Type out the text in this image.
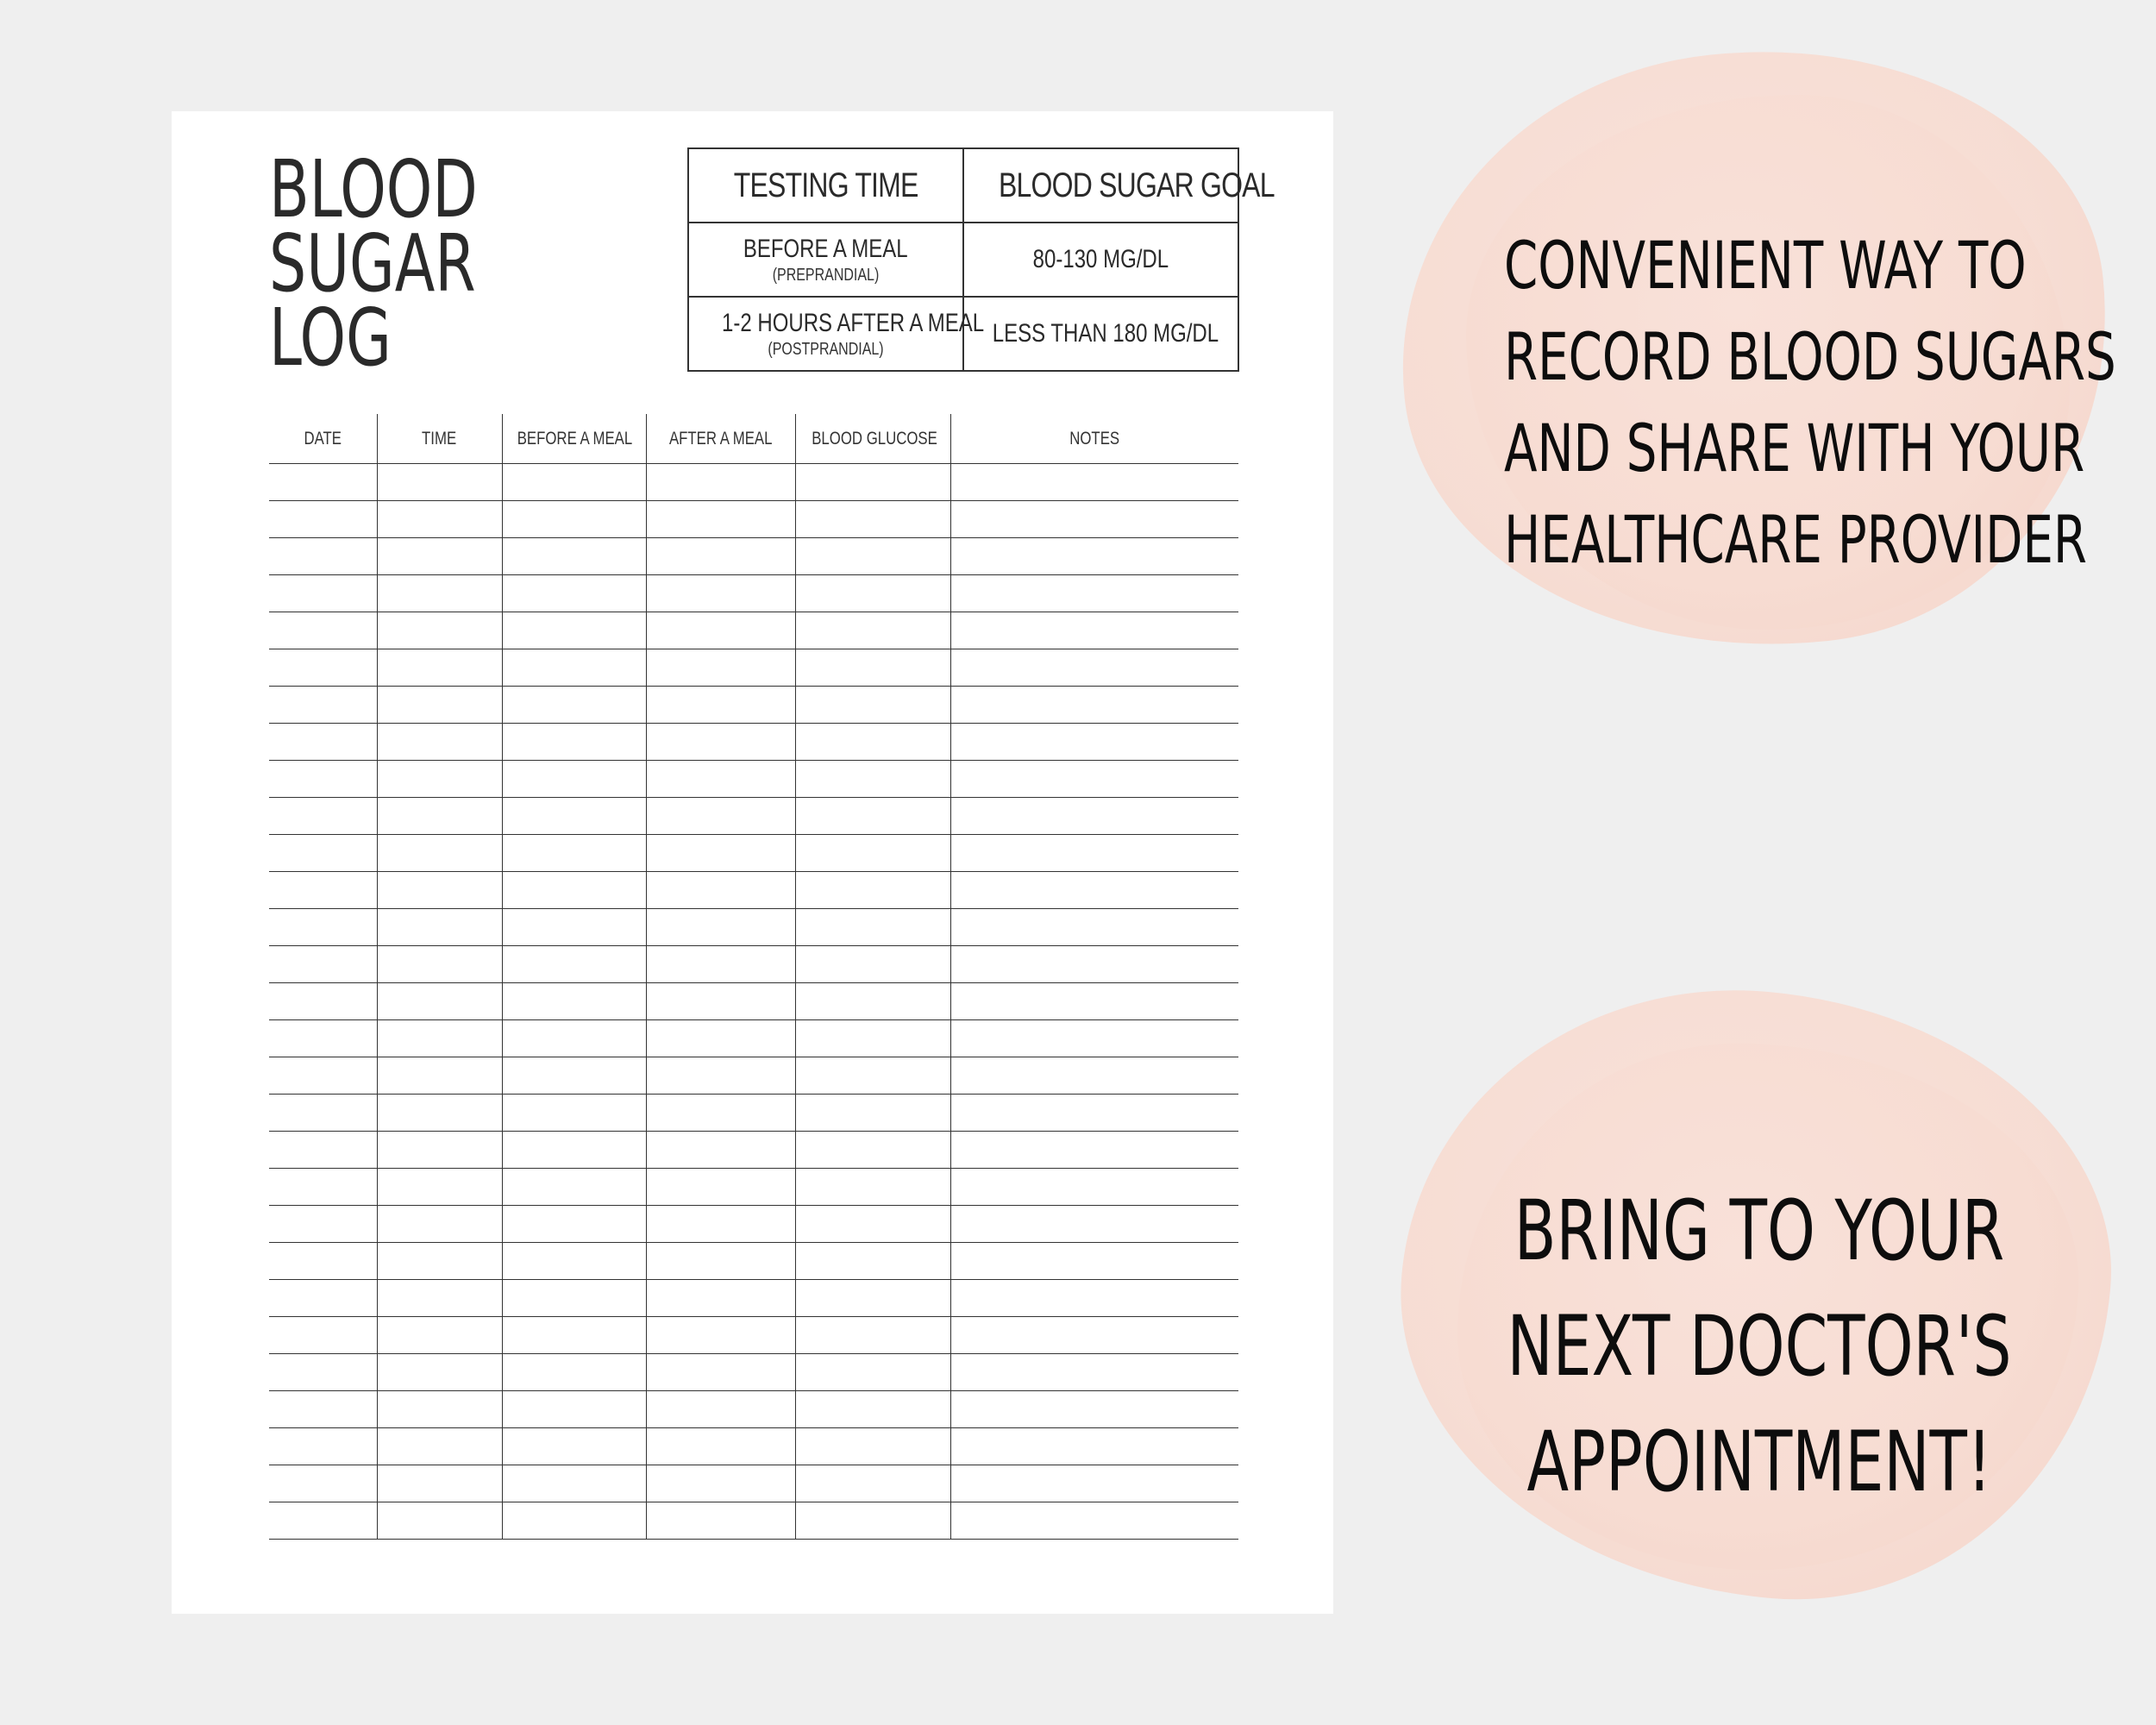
BLOOD
SUGAR
LOG
TESTING TIME	BLOOD SUGAR GOAL
BEFORE A MEAL
(PREPRANDIAL)	80-130 MG/DL
1-2 HOURS AFTER A MEAL
(POSTPRANDIAL)	LESS THAN 180 MG/DL
DATE	TIME	BEFORE A MEAL	AFTER A MEAL	BLOOD GLUCOSE	NOTES

CONVENIENT WAY TO
RECORD BLOOD SUGARS
AND SHARE WITH YOUR
HEALTHCARE PROVIDER

BRING TO YOUR
NEXT DOCTOR'S
APPOINTMENT!
